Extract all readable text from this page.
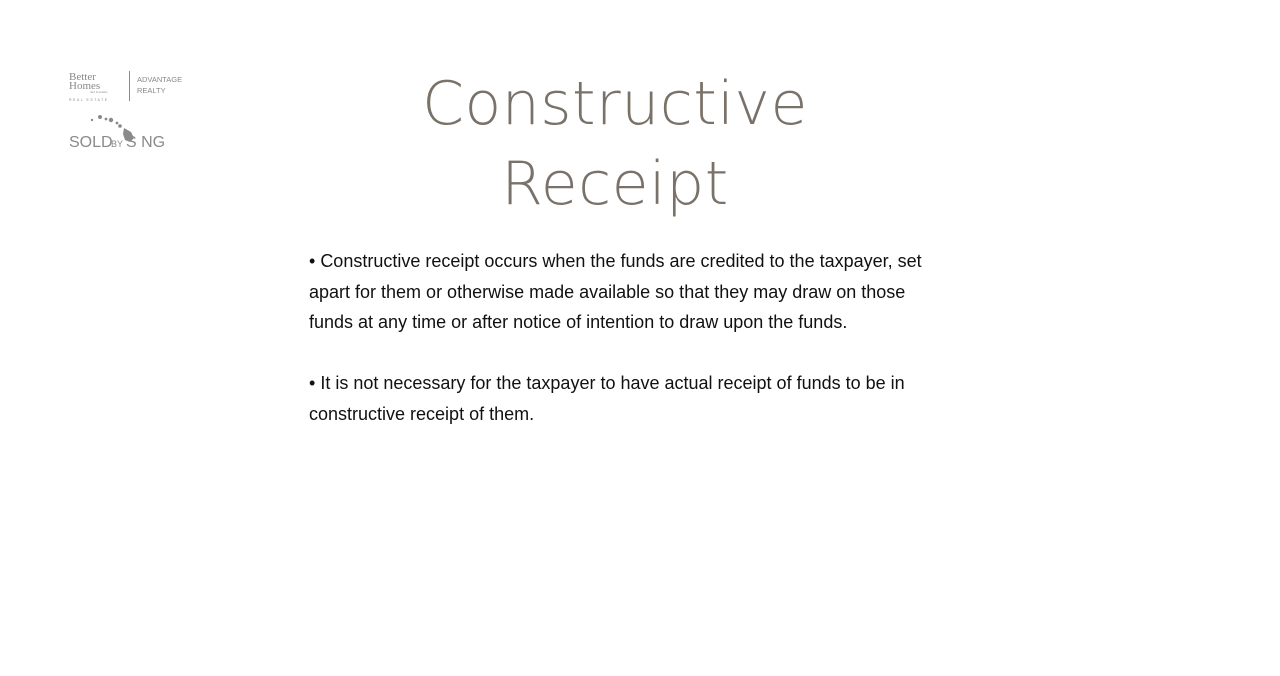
Better
Homes
and Gardens
REAL ESTATE
ADVANTAGE
REALTY
SOLD
BY S NG
Constructive Receipt

• Constructive receipt occurs when the funds are credited to the taxpayer, set apart for them or otherwise made available so that they may draw on those funds at any time or after notice of intention to draw upon the funds.

• It is not necessary for the taxpayer to have actual receipt of funds to be in constructive receipt of them.
